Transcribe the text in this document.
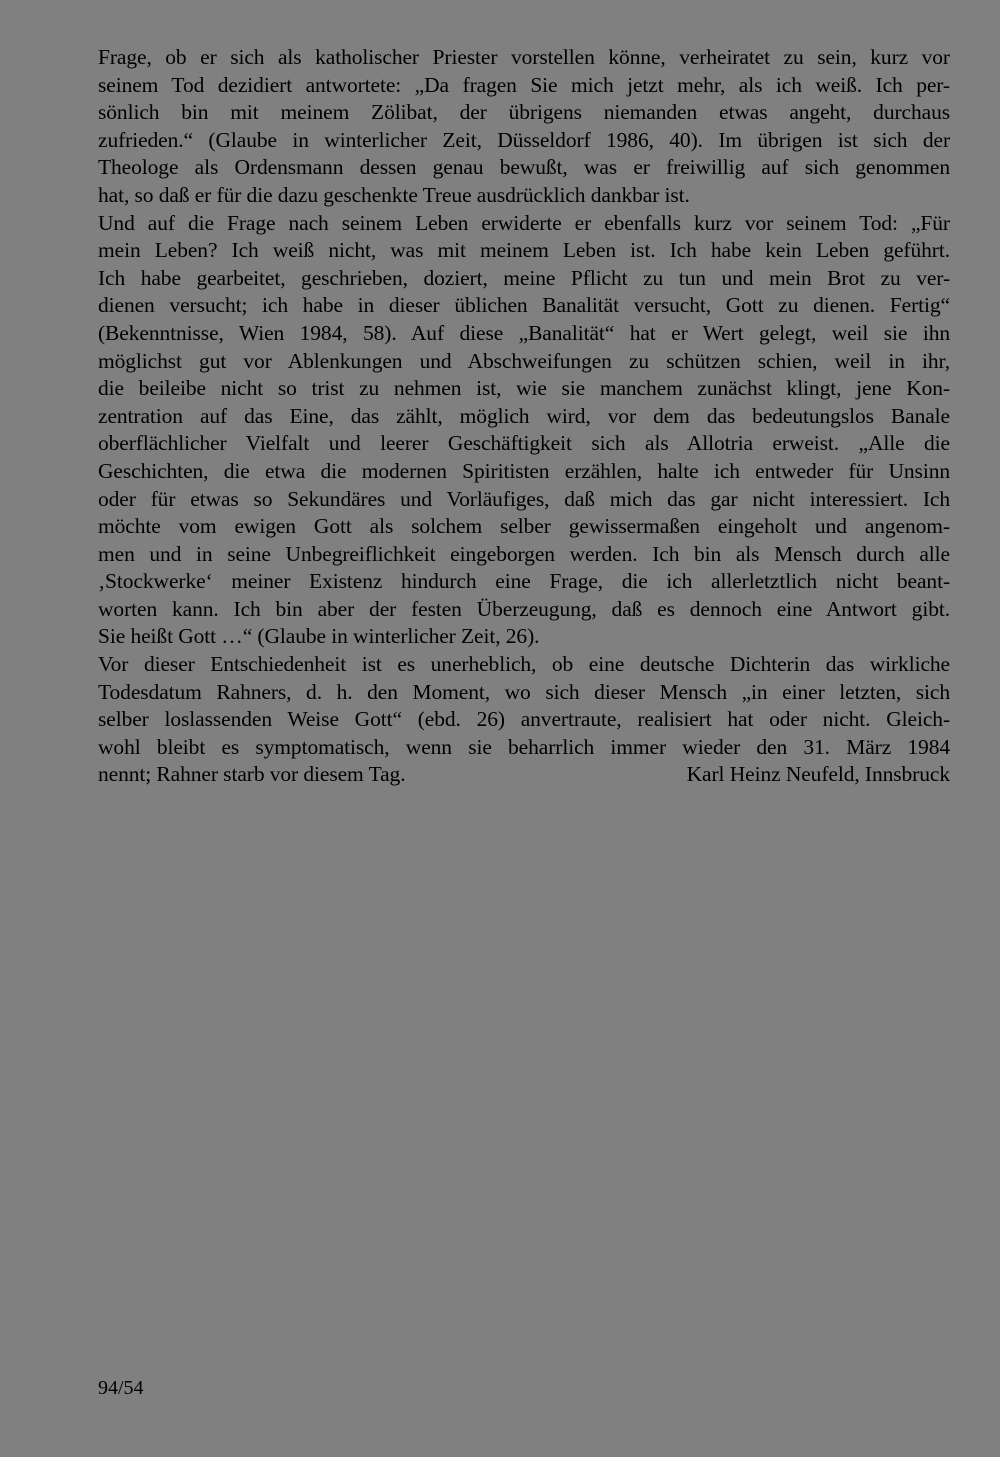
Frage, ob er sich als katholischer Priester vorstellen könne, verheiratet zu sein, kurz vor
seinem Tod dezidiert antwortete: „Da fragen Sie mich jetzt mehr, als ich weiß. Ich per-
sönlich bin mit meinem Zölibat, der übrigens niemanden etwas angeht, durchaus
zufrieden.“ (Glaube in winterlicher Zeit, Düsseldorf 1986, 40). Im übrigen ist sich der
Theologe als Ordensmann dessen genau bewußt, was er freiwillig auf sich genommen
hat, so daß er für die dazu geschenkte Treue ausdrücklich dankbar ist.
Und auf die Frage nach seinem Leben erwiderte er ebenfalls kurz vor seinem Tod: „Für
mein Leben? Ich weiß nicht, was mit meinem Leben ist. Ich habe kein Leben geführt.
Ich habe gearbeitet, geschrieben, doziert, meine Pflicht zu tun und mein Brot zu ver-
dienen versucht; ich habe in dieser üblichen Banalität versucht, Gott zu dienen. Fertig“
(Bekenntnisse, Wien 1984, 58). Auf diese „Banalität“ hat er Wert gelegt, weil sie ihn
möglichst gut vor Ablenkungen und Abschweifungen zu schützen schien, weil in ihr,
die beileibe nicht so trist zu nehmen ist, wie sie manchem zunächst klingt, jene Kon-
zentration auf das Eine, das zählt, möglich wird, vor dem das bedeutungslos Banale
oberflächlicher Vielfalt und leerer Geschäftigkeit sich als Allotria erweist. „Alle die
Geschichten, die etwa die modernen Spiritisten erzählen, halte ich entweder für Unsinn
oder für etwas so Sekundäres und Vorläufiges, daß mich das gar nicht interessiert. Ich
möchte vom ewigen Gott als solchem selber gewissermaßen eingeholt und angenom-
men und in seine Unbegreiflichkeit eingeborgen werden. Ich bin als Mensch durch alle
‚Stockwerke‘ meiner Existenz hindurch eine Frage, die ich allerletztlich nicht beant-
worten kann. Ich bin aber der festen Überzeugung, daß es dennoch eine Antwort gibt.
Sie heißt Gott …“ (Glaube in winterlicher Zeit, 26).
Vor dieser Entschiedenheit ist es unerheblich, ob eine deutsche Dichterin das wirkliche
Todesdatum Rahners, d. h. den Moment, wo sich dieser Mensch „in einer letzten, sich
selber loslassenden Weise Gott“ (ebd. 26) anvertraute, realisiert hat oder nicht. Gleich-
wohl bleibt es symptomatisch, wenn sie beharrlich immer wieder den 31. März 1984
nennt; Rahner starb vor diesem Tag.	Karl Heinz Neufeld, Innsbruck
94/54
